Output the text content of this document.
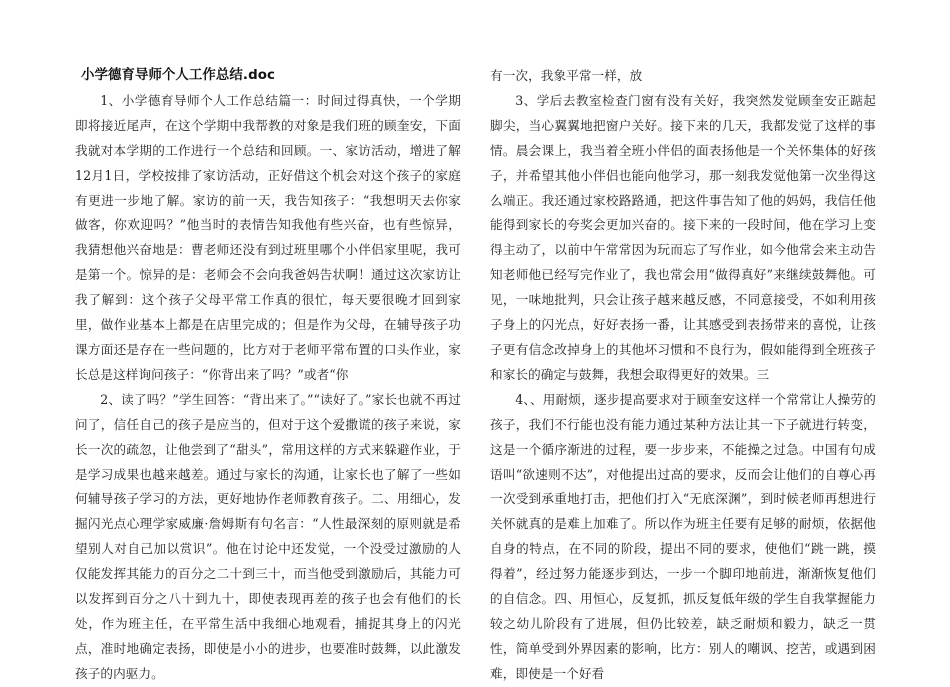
小学德育导师个人工作总结.doc

1、小学德育导师个人工作总结篇一：时间过得真快，一个学期即将接近尾声，在这个学期中我帮教的对象是我们班的顾奎安，下面我就对本学期的工作进行一个总结和回顾。一、家访活动，增进了解12月1日，学校按排了家访活动，正好借这个机会对这个孩子的家庭有更进一步地了解。家访的前一天，我告知孩子：“我想明天去你家做客，你欢迎吗？”他当时的表情告知我他有些兴奋，也有些惊异，我猜想他兴奋地是：曹老师还没有到过班里哪个小伴侣家里呢，我可是第一个。惊异的是：老师会不会向我爸妈告状啊！通过这次家访让我了解到：这个孩子父母平常工作真的很忙，每天要很晚才回到家里，做作业基本上都是在店里完成的；但是作为父母，在辅导孩子功课方面还是存在一些问题的，比方对于老师平常布置的口头作业，家长总是这样询问孩子：“你背出来了吗？”或者“你

2、读了吗？”学生回答：“背出来了。”“读好了。”家长也就不再过问了，信任自己的孩子是应当的，但对于这个爱撒谎的孩子来说，家长一次的疏忽，让他尝到了“甜头”，常用这样的方式来躲避作业，于是学习成果也越来越差。通过与家长的沟通，让家长也了解了一些如何辅导孩子学习的方法，更好地协作老师教育孩子。二、用细心，发掘闪光点心理学家威廉·詹姆斯有句名言：“人性最深刻的原则就是希望别人对自己加以赏识”。他在讨论中还发觉，一个没受过激励的人仅能发挥其能力的百分之二十到三十，而当他受到激励后，其能力可以发挥到百分之八十到九十，即使表现再差的孩子也会有他们的长处，作为班主任，在平常生活中我细心地观看，捕捉其身上的闪光点，准时地确定表扬，即使是小小的进步，也要准时鼓舞，以此激发孩子的内驱力。

有一次，我象平常一样，放

3、学后去教室检查门窗有没有关好，我突然发觉顾奎安正踮起脚尖，当心翼翼地把窗户关好。接下来的几天，我都发觉了这样的事情。晨会课上，我当着全班小伴侣的面表扬他是一个关怀集体的好孩子，并希望其他小伴侣也能向他学习，那一刻我发觉他第一次坐得这么端正。我还通过家校路路通，把这件事告知了他的妈妈，我信任他能得到家长的夸奖会更加兴奋的。接下来的一段时间，他在学习上变得主动了，以前中午常常因为玩而忘了写作业，如今他常会来主动告知老师他已经写完作业了，我也常会用“做得真好”来继续鼓舞他。可见，一味地批判，只会让孩子越来越反感，不同意接受，不如利用孩子身上的闪光点，好好表扬一番，让其感受到表扬带来的喜悦，让孩子更有信念改掉身上的其他坏习惯和不良行为，假如能得到全班孩子和家长的确定与鼓舞，我想会取得更好的效果。三

4、、用耐烦，逐步提高要求对于顾奎安这样一个常常让人操劳的孩子，我们不行能也没有能力通过某种方法让其一下子就进行转变，这是一个循序渐进的过程，要一步步来，不能操之过急。中国有句成语叫“欲速则不达”，对他提出过高的要求，反而会让他们的自尊心再一次受到承重地打击，把他们打入“无底深渊”，到时候老师再想进行关怀就真的是难上加难了。所以作为班主任要有足够的耐烦，依据他自身的特点，在不同的阶段，提出不同的要求，使他们“跳一跳，摸得着”，经过努力能逐步到达，一步一个脚印地前进，渐渐恢复他们的自信念。四、用恒心，反复抓，抓反复低年级的学生自我掌握能力较之幼儿阶段有了进展，但仍比较差，缺乏耐烦和毅力，缺乏一贯性，简单受到外界因素的影响，比方：别人的嘲讽、挖苦，或遇到困难，即使是一个好看
